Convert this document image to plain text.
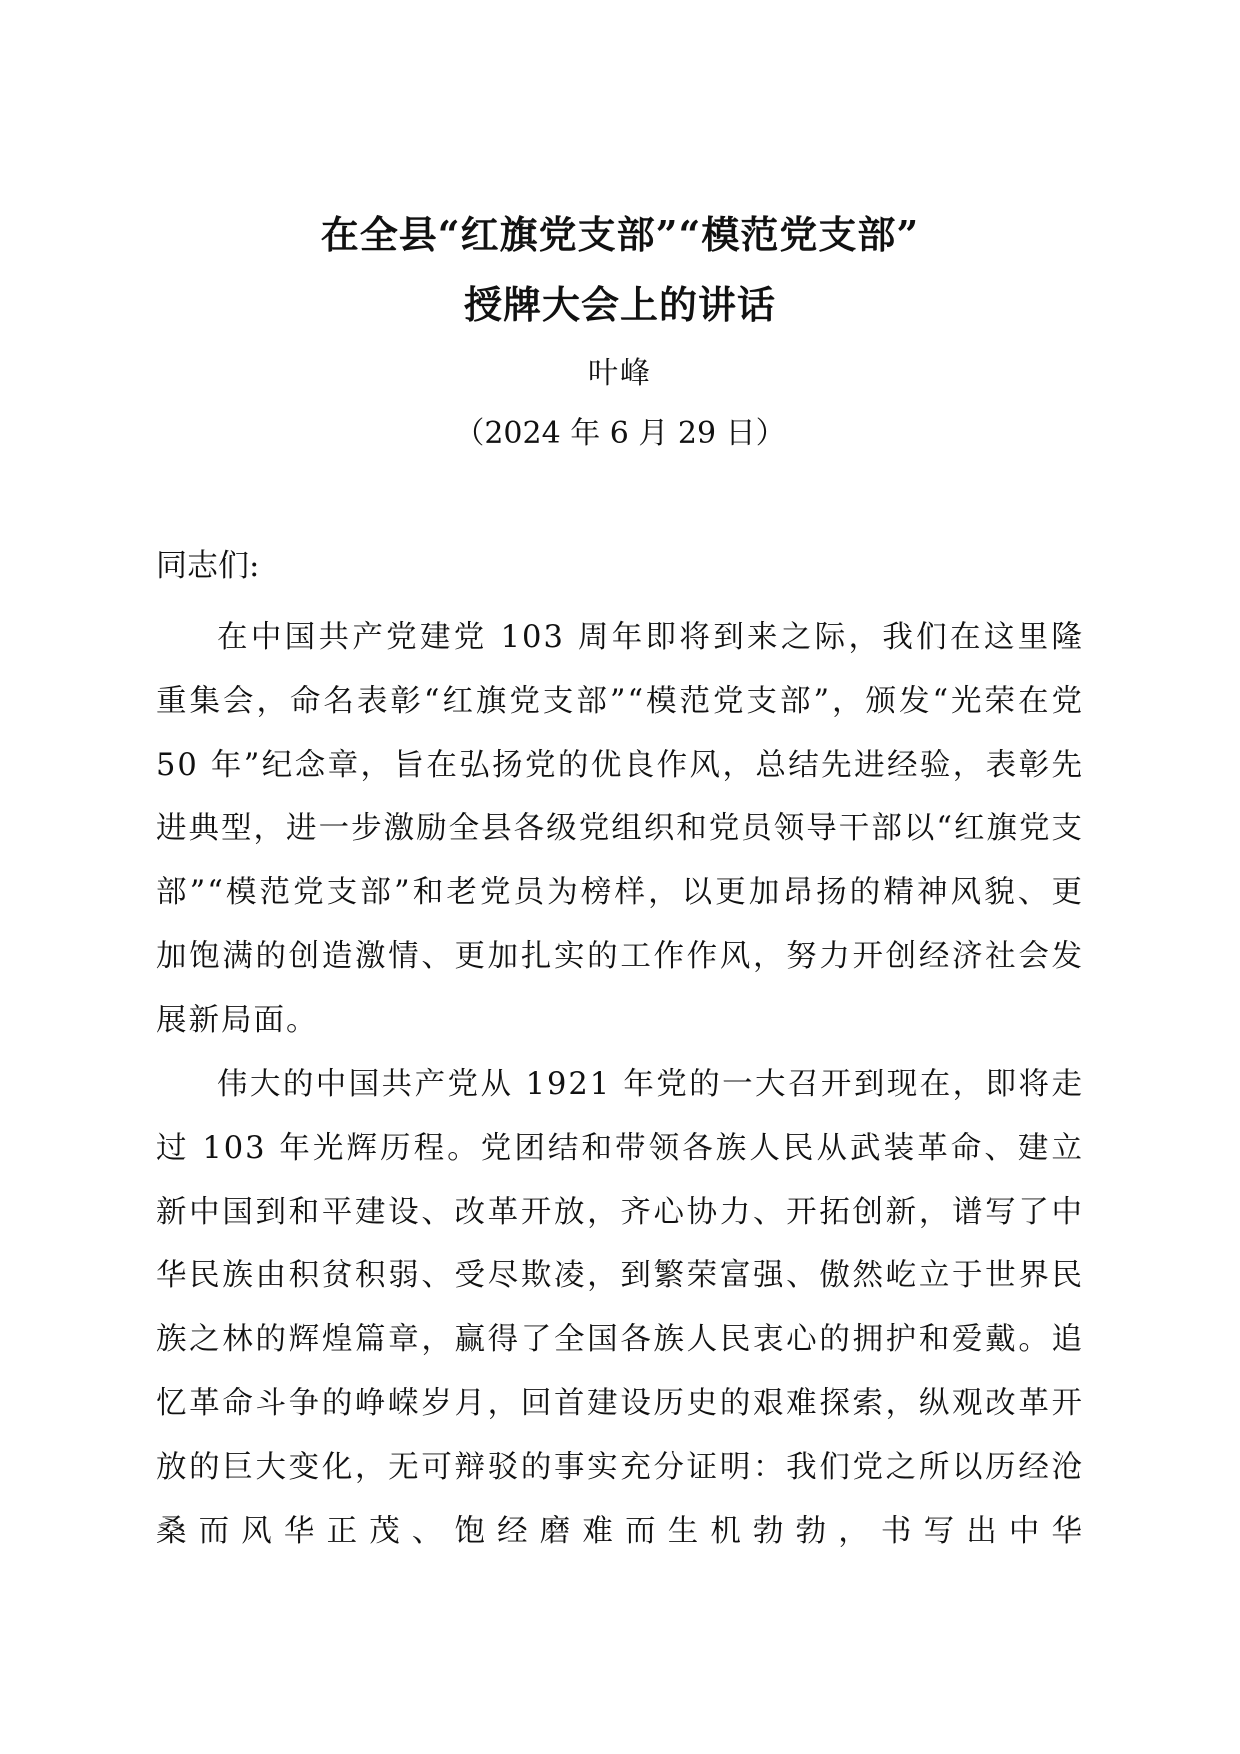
在全县“红旗党支部”“模范党支部”
授牌大会上的讲话
叶峰
（2024 年 6 月 29 日）
同志们:

在中国共产党建党 103 周年即将到来之际，我们在这里隆重集会，命名表彰“红旗党支部”“模范党支部”，颁发“光荣在党 50 年”纪念章，旨在弘扬党的优良作风，总结先进经验，表彰先进典型，进一步激励全县各级党组织和党员领导干部以“红旗党支部”“模范党支部”和老党员为榜样，以更加昂扬的精神风貌、更加饱满的创造激情、更加扎实的工作作风，努力开创经济社会发展新局面。

伟大的中国共产党从 1921 年党的一大召开到现在，即将走过 103 年光辉历程。党团结和带领各族人民从武装革命、建立新中国到和平建设、改革开放，齐心协力、开拓创新，谱写了中华民族由积贫积弱、受尽欺凌，到繁荣富强、傲然屹立于世界民族之林的辉煌篇章，赢得了全国各族人民衷心的拥护和爱戴。追忆革命斗争的峥嵘岁月，回首建设历史的艰难探索，纵观改革开放的巨大变化，无可辩驳的事实充分证明：我们党之所以历经沧桑而风华正茂、饱经磨难而生机勃勃，书写出中华
